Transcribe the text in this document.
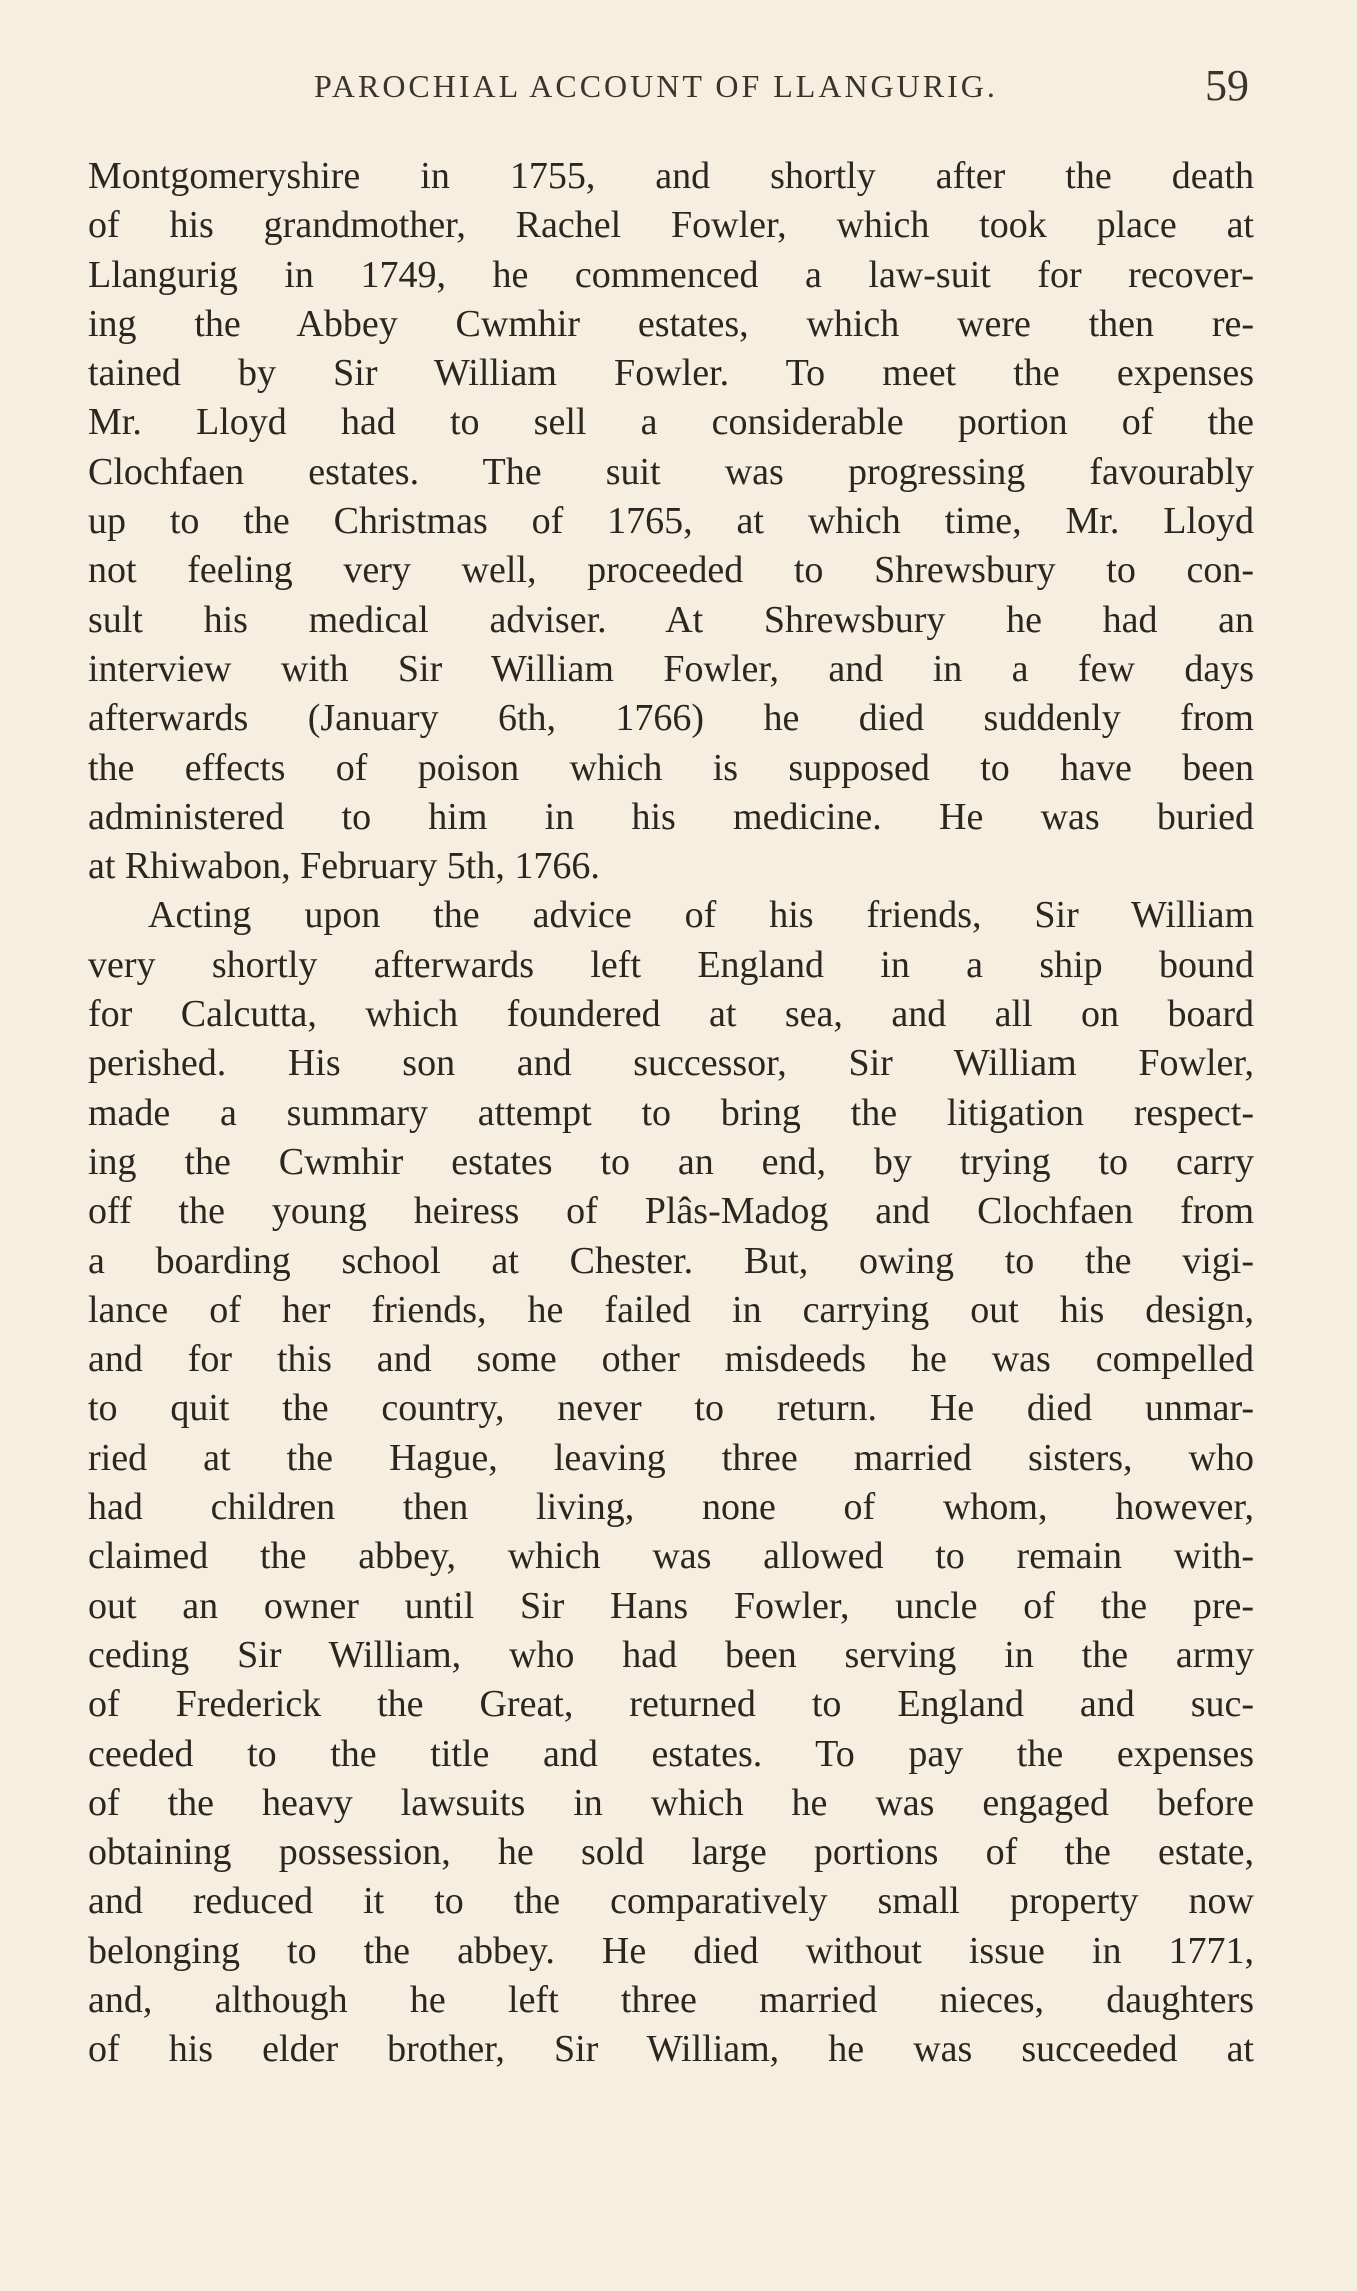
PAROCHIAL ACCOUNT OF LLANGURIG.	59
Montgomeryshire in 1755, and shortly after the death
of his grandmother, Rachel Fowler, which took place at
Llangurig in 1749, he commenced a law-suit for recover-
ing the Abbey Cwmhir estates, which were then re-
tained by Sir William Fowler. To meet the expenses
Mr. Lloyd had to sell a considerable portion of the
Clochfaen estates. The suit was progressing favourably
up to the Christmas of 1765, at which time, Mr. Lloyd
not feeling very well, proceeded to Shrewsbury to con-
sult his medical adviser. At Shrewsbury he had an
interview with Sir William Fowler, and in a few days
afterwards (January 6th, 1766) he died suddenly from
the effects of poison which is supposed to have been
administered to him in his medicine. He was buried
at Rhiwabon, February 5th, 1766.
Acting upon the advice of his friends, Sir William
very shortly afterwards left England in a ship bound
for Calcutta, which foundered at sea, and all on board
perished. His son and successor, Sir William Fowler,
made a summary attempt to bring the litigation respect-
ing the Cwmhir estates to an end, by trying to carry
off the young heiress of Plâs-Madog and Clochfaen from
a boarding school at Chester. But, owing to the vigi-
lance of her friends, he failed in carrying out his design,
and for this and some other misdeeds he was compelled
to quit the country, never to return. He died unmar-
ried at the Hague, leaving three married sisters, who
had children then living, none of whom, however,
claimed the abbey, which was allowed to remain with-
out an owner until Sir Hans Fowler, uncle of the pre-
ceding Sir William, who had been serving in the army
of Frederick the Great, returned to England and suc-
ceeded to the title and estates. To pay the expenses
of the heavy lawsuits in which he was engaged before
obtaining possession, he sold large portions of the estate,
and reduced it to the comparatively small property now
belonging to the abbey. He died without issue in 1771,
and, although he left three married nieces, daughters
of his elder brother, Sir William, he was succeeded at
